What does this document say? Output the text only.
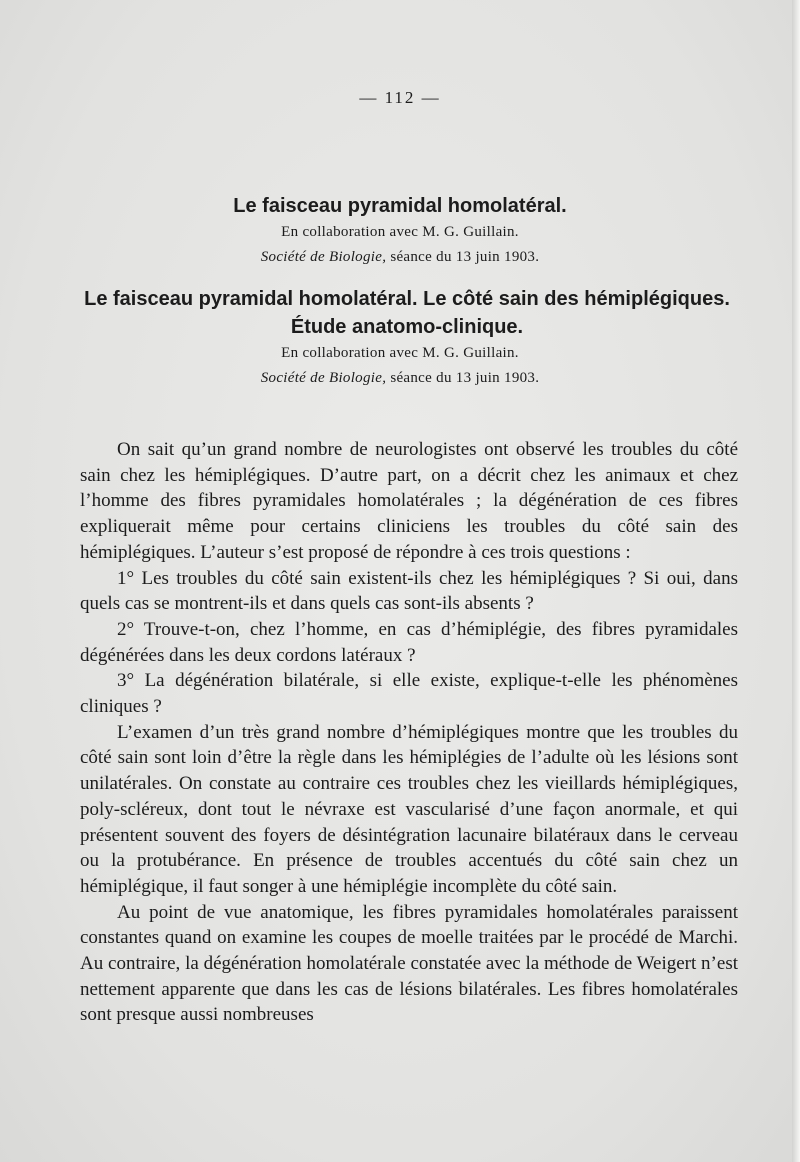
— 112 —

Le faisceau pyramidal homolatéral.

En collaboration avec M. G. Guillain.

Société de Biologie, séance du 13 juin 1903.

Le faisceau pyramidal homolatéral. Le côté sain des hémiplégiques. Étude anatomo-clinique.

En collaboration avec M. G. Guillain.

Société de Biologie, séance du 13 juin 1903.

On sait qu’un grand nombre de neurologistes ont observé les troubles du côté sain chez les hémiplégiques. D’autre part, on a décrit chez les animaux et chez l’homme des fibres pyramidales homolatérales ; la dégénération de ces fibres expliquerait même pour certains cliniciens les troubles du côté sain des hémiplégiques. L’auteur s’est proposé de répondre à ces trois questions :

1° Les troubles du côté sain existent-ils chez les hémiplégiques ? Si oui, dans quels cas se montrent-ils et dans quels cas sont-ils absents ?

2° Trouve-t-on, chez l’homme, en cas d’hémiplégie, des fibres pyramidales dégénérées dans les deux cordons latéraux ?

3° La dégénération bilatérale, si elle existe, explique-t-elle les phénomènes cliniques ?

L’examen d’un très grand nombre d’hémiplégiques montre que les troubles du côté sain sont loin d’être la règle dans les hémiplégies de l’adulte où les lésions sont unilatérales. On constate au contraire ces troubles chez les vieillards hémiplégiques, poly-scléreux, dont tout le névraxe est vascularisé d’une façon anormale, et qui présentent souvent des foyers de désintégration lacunaire bilatéraux dans le cerveau ou la protubérance. En présence de troubles accentués du côté sain chez un hémiplégique, il faut songer à une hémiplégie incomplète du côté sain.

Au point de vue anatomique, les fibres pyramidales homolatérales paraissent constantes quand on examine les coupes de moelle traitées par le procédé de Marchi. Au contraire, la dégénération homolatérale constatée avec la méthode de Weigert n’est nettement apparente que dans les cas de lésions bilatérales. Les fibres homolatérales sont presque aussi nombreuses
